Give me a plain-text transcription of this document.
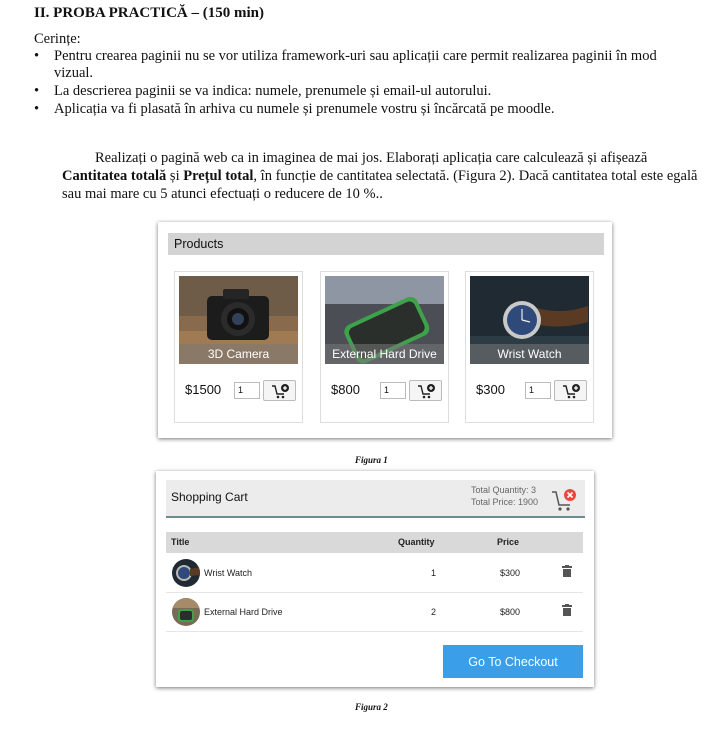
II. PROBA PRACTICĂ – (150 min)
Cerințe:
• Pentru crearea paginii nu se vor utiliza framework-uri sau aplicații care permit realizarea paginii în mod vizual.
• La descrierea paginii se va indica: numele, prenumele și email-ul autorului.
• Aplicația va fi plasată în arhiva cu numele și prenumele vostru și încărcată pe moodle.
Realizați o pagină web ca in imaginea de mai jos. Elaborați aplicația care calculează și afișează Cantitatea totală și Prețul total, în funcție de cantitatea selectată. (Figura 2). Dacă cantitatea total este egală sau mai mare cu 5 atunci efectuați o reducere de 10 %..
Products
3D Camera
$1500	1
External Hard Drive
$800	1
Wrist Watch
$300	1
Figura 1
Shopping Cart	Total Quantity: 3
Total Price: 1900
Title	Quantity	Price
Wrist Watch	1	$300
External Hard Drive	2	$800
Go To Checkout
Figura 2
